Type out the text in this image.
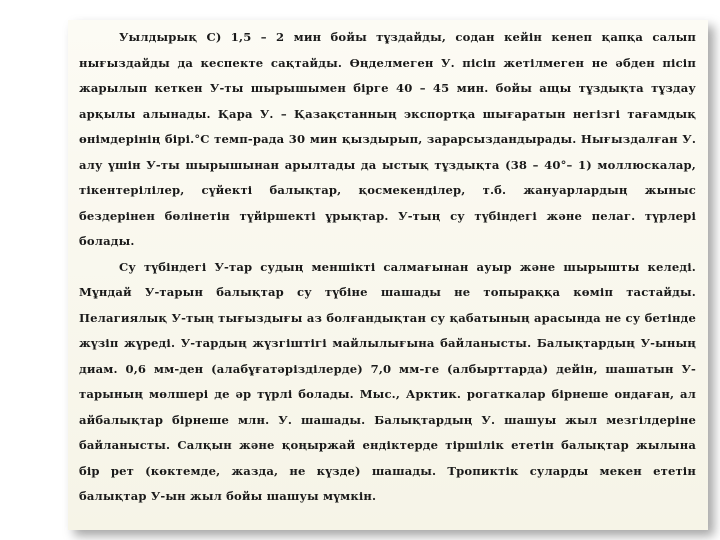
Уылдырық С) 1,5 – 2 мин бойы тұздайды, содан кейін кенеп қапқа салып нығыздайды да кеспекте сақтайды. Өңделмеген У. пісіп жетілмеген не әбден пісіп жарылып кеткен У-ты шырышымен бірге 40 – 45 мин. бойы ащы тұздықта тұздау арқылы алынады. Қара У. – Қазақстанның экспортқа шығаратын негізгі тағамдық өнімдерінің бірі.°С темп-рада 30 мин қыздырып, зарарсыздандырады. Нығыздалған У. алу үшін У-ты шырышынан арылтады да ыстық тұздықта (38 – 40°– 1) моллюскалар, тікентерілілер, сүйекті балықтар, қосмекенділер, т.б. жануарлардың жыныс бездерінен бөлінетін түйіршекті ұрықтар. У-тың су түбіндегі және пелаг. түрлері болады.

Су түбіндегі У-тар судың меншікті салмағынан ауыр және шырышты келеді. Мұндай У-тарын балықтар су түбіне шашады не топыраққа көміп тастайды. Пелагиялық У-тың тығыздығы аз болғандықтан су қабатының арасында не су бетінде жүзіп жүреді. У-тардың жүзгіштігі майлылығына байланысты. Балықтардың У-ының диам. 0,6 мм-ден (алабұғатәрізділерде) 7,0 мм-ге (албырттарда) дейін, шашатын У-тарының мөлшері де әр түрлі болады. Мыс., Арктик. рогаткалар бірнеше ондаған, ал айбалықтар бірнеше млн. У. шашады. Балықтардың У. шашуы жыл мезгілдеріне байланысты. Салқын және қоңыржай ендіктерде тіршілік ететін балықтар жылына бір рет (көктемде, жазда, не күзде) шашады. Тропиктік суларды мекен ететін балықтар У-ын жыл бойы шашуы мүмкін.
